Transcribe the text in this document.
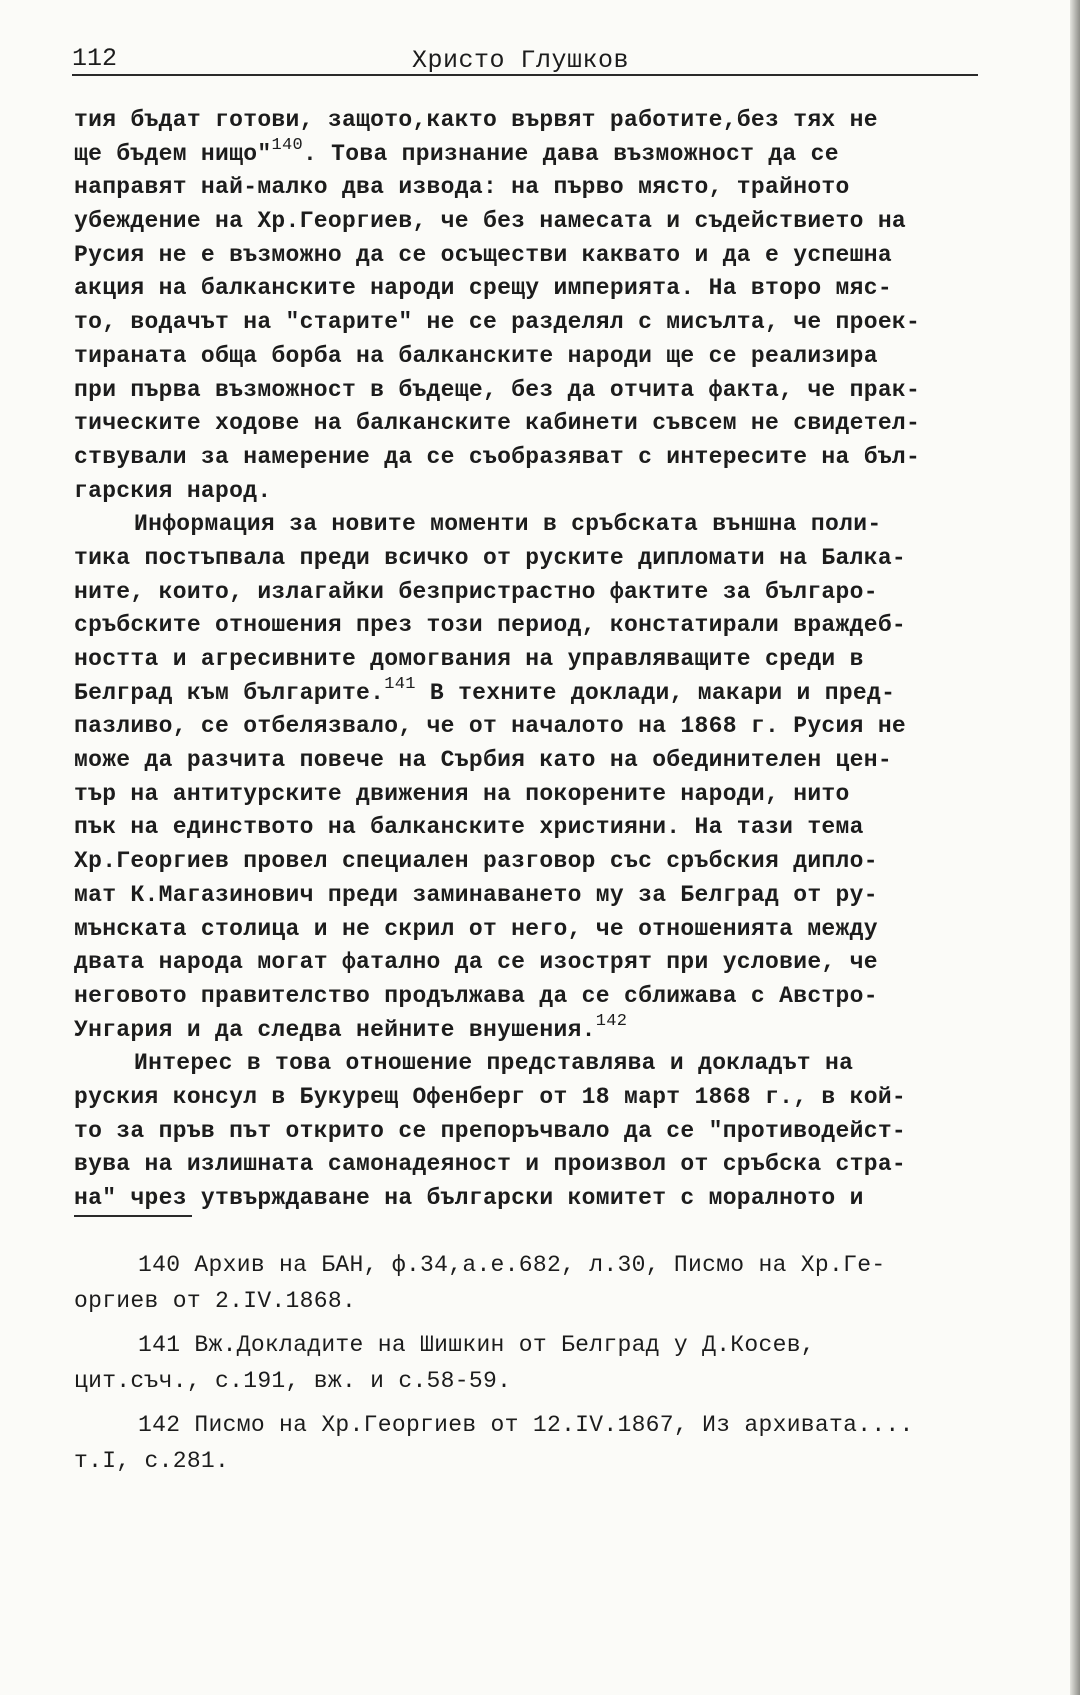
112	Христо Глушков
тия бъдат готови, защото,както вървят работите,без тях не
ще бъдем нищо"$^{140}$. Това признание дава възможност да се
направят най-малко два извода: на първо място, трайното
убеждение на Хр.Георгиев, че без намесата и съдействието на
Русия не е възможно да се осъществи каквато и да е успешна
акция на балканските народи срещу империята. На второ мяс-
то, водачът на "старите" не се разделял с мисълта, че проек-
тираната обща борба на балканските народи ще се реализира
при първа възможност в бъдеще, без да отчита факта, че прак-
тическите ходове на балканските кабинети съвсем не свидетел-
ствували за намерение да се съобразяват с интересите на бъл-
гарския народ.
Информация за новите моменти в сръбската външна поли-
тика постъпвала преди всичко от руските дипломати на Балка-
ните, които, излагайки безпристрастно фактите за българо-
сръбските отношения през този период, констатирали враждеб-
ността и агресивните домогвания на управляващите среди в
Белград към българите.$^{141}$ В техните доклади, макари и пред-
пазливо, се отбелязвало, че от началото на 1868 г. Русия не
може да разчита повече на Сърбия като на обединителен цен-
тър на антитурските движения на покорените народи, нито
пък на единството на балканските християни. На тази тема
Хр.Георгиев провел специален разговор със сръбския дипло-
мат К.Магазинович преди заминаването му за Белград от ру-
мънската столица и не скрил от него, че отношенията между
двата народа могат фатално да се изострят при условие, че
неговото правителство продължава да се сближава с Австро-
Унгария и да следва нейните внушения.$^{142}$
Интерес в това отношение представлява и докладът на
руския консул в Букурещ Офенберг от 18 март 1868 г., в кой-
то за пръв път открито се препоръчвало да се "противодейст-
вува на излишната самонадеяност и произвол от сръбска стра-
на" чрез утвърждаване на български комитет с моралното и
140 Архив на БАН, ф.34,а.е.682, л.30, Писмо на Хр.Ге-
оргиев от 2.IV.1868.
141 Вж.Докладите на Шишкин от Белград у Д.Косев,
цит.съч., с.191, вж. и с.58-59.
142 Писмо на Хр.Георгиев от 12.IV.1867, Из архивата....
т.I, с.281.
